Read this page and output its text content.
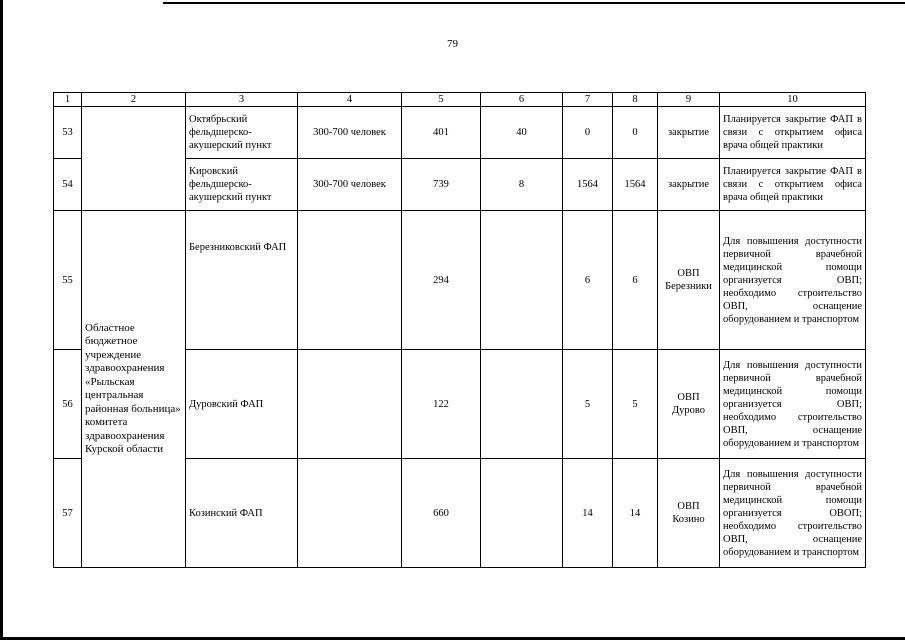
79
1	2	3	4	5	6	7	8	9	10
53		Октябрьский фельдшерско-акушерский пункт	300-700 человек	401	40	0	0	закрытие	Планируется закрытие ФАП в связи с открытием офиса врача общей практики
54		Кировский фельдшерско-акушерский пункт	300-700 человек	739	8	1564	1564	закрытие	Планируется закрытие ФАП в связи с открытием офиса врача общей практики
55	Областное бюджетное учреждение здравоохранения «Рыльская центральная районная больница» комитета здравоохранения Курской области	Березниковский ФАП		294		6	6	ОВП Березники	Для повышения доступности первичной врачебной медицинской помощи организуется ОВП; необходимо строительство ОВП, оснащение оборудованием и транспортом
56		Дуровский ФАП		122		5	5	ОВП Дурово	Для повышения доступности первичной врачебной медицинской помощи организуется ОВП; необходимо строительство ОВП, оснащение оборудованием и транспортом
57		Козинский ФАП		660		14	14	ОВП Козино	Для повышения доступности первичной врачебной медицинской помощи организуется ОВОП; необходимо строительство ОВП, оснащение оборудованием и транспортом
